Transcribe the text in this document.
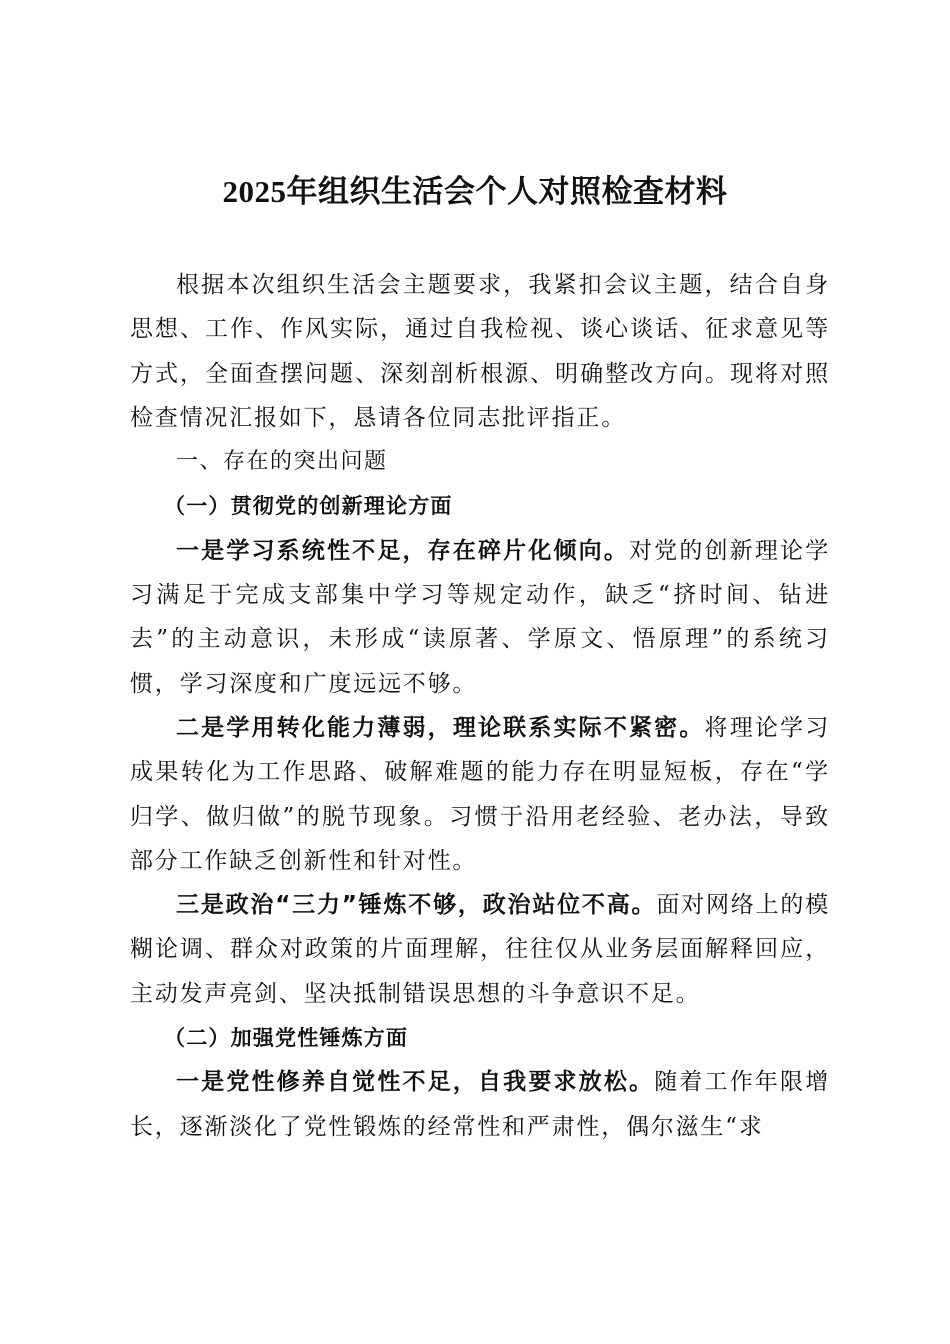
2025年组织生活会个人对照检查材料

根据本次组织生活会主题要求，我紧扣会议主题，结合自身思想、工作、作风实际，通过自我检视、谈心谈话、征求意见等方式，全面查摆问题、深刻剖析根源、明确整改方向。现将对照检查情况汇报如下，恳请各位同志批评指正。

一、存在的突出问题

（一）贯彻党的创新理论方面

一是学习系统性不足，存在碎片化倾向。对党的创新理论学习满足于完成支部集中学习等规定动作，缺乏“挤时间、钻进去”的主动意识，未形成“读原著、学原文、悟原理”的系统习惯，学习深度和广度远远不够。

二是学用转化能力薄弱，理论联系实际不紧密。将理论学习成果转化为工作思路、破解难题的能力存在明显短板，存在“学归学、做归做”的脱节现象。习惯于沿用老经验、老办法，导致部分工作缺乏创新性和针对性。

三是政治“三力”锤炼不够，政治站位不高。面对网络上的模糊论调、群众对政策的片面理解，往往仅从业务层面解释回应，主动发声亮剑、坚决抵制错误思想的斗争意识不足。

（二）加强党性锤炼方面

一是党性修养自觉性不足，自我要求放松。随着工作年限增长，逐渐淡化了党性锻炼的经常性和严肃性，偶尔滋生“求
